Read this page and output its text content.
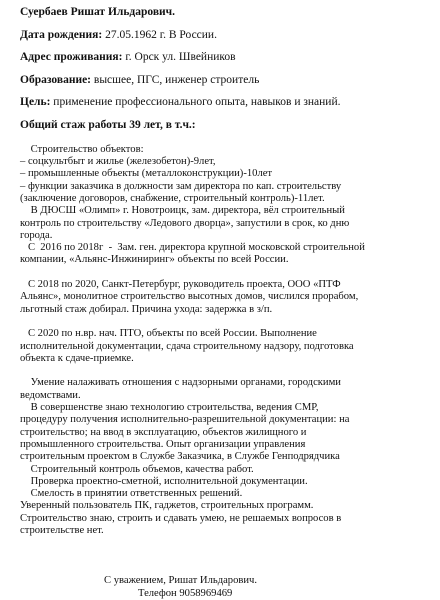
Суербаев Ришат Ильдарович.

Дата рождения: 27.05.1962 г. В России.

Адрес проживания: г. Орск ул. Швейников

Образование: высшее, ПГС, инженер строитель

Цель: применение профессионального опыта, навыков и знаний.

Общий стаж работы 39 лет, в т.ч.:

Строительство объектов:
– соцкультбыт и жилье (железобетон)-9лет,
– промышленные объекты (металлоконструкции)-10лет
– функции заказчика в должности зам директора по кап. строительству
(заключение договоров, снабжение, строительный контроль)-11лет.
В ДЮСШ «Олимп» г. Новотроицк, зам. директора, вёл строительный
контроль по строительству «Ледового дворца», запустили в срок, ко дню
города.
С  2016 по 2018г  -  Зам. ген. директора крупной московской строительной
компании, «Альянс-Инжиниринг» объекты по всей России.
С 2018 по 2020, Санкт-Петербург, руководитель проекта, ООО «ПТФ
Альянс», монолитное строительство высотных домов, числился прорабом,
льготный стаж добирал. Причина ухода: задержка в з/п.
С 2020 по н.вр. нач. ПТО, объекты по всей России. Выполнение
исполнительной документации, сдача строительному надзору, подготовка
объекта к сдаче-приемке.
Умение налаживать отношения с надзорными органами, городскими
ведомствами.
В совершенстве знаю технологию строительства, ведения СМР,
процедуру получения исполнительно-разрешительной документации: на
строительство; на ввод в эксплуатацию, объектов жилищного и
промышленного строительства. Опыт организации управления
строительным проектом в Службе Заказчика, в Службе Генподрядчика
Строительный контроль объемов, качества работ.
Проверка проектно-сметной, исполнительной документации.
Смелость в принятии ответственных решений.
Уверенный пользователь ПК, гаджетов, строительных программ.
Строительство знаю, строить и сдавать умею, не решаемых вопросов в
строительстве нет.
С уважением, Ришат Ильдарович.
Телефон 9058969469
